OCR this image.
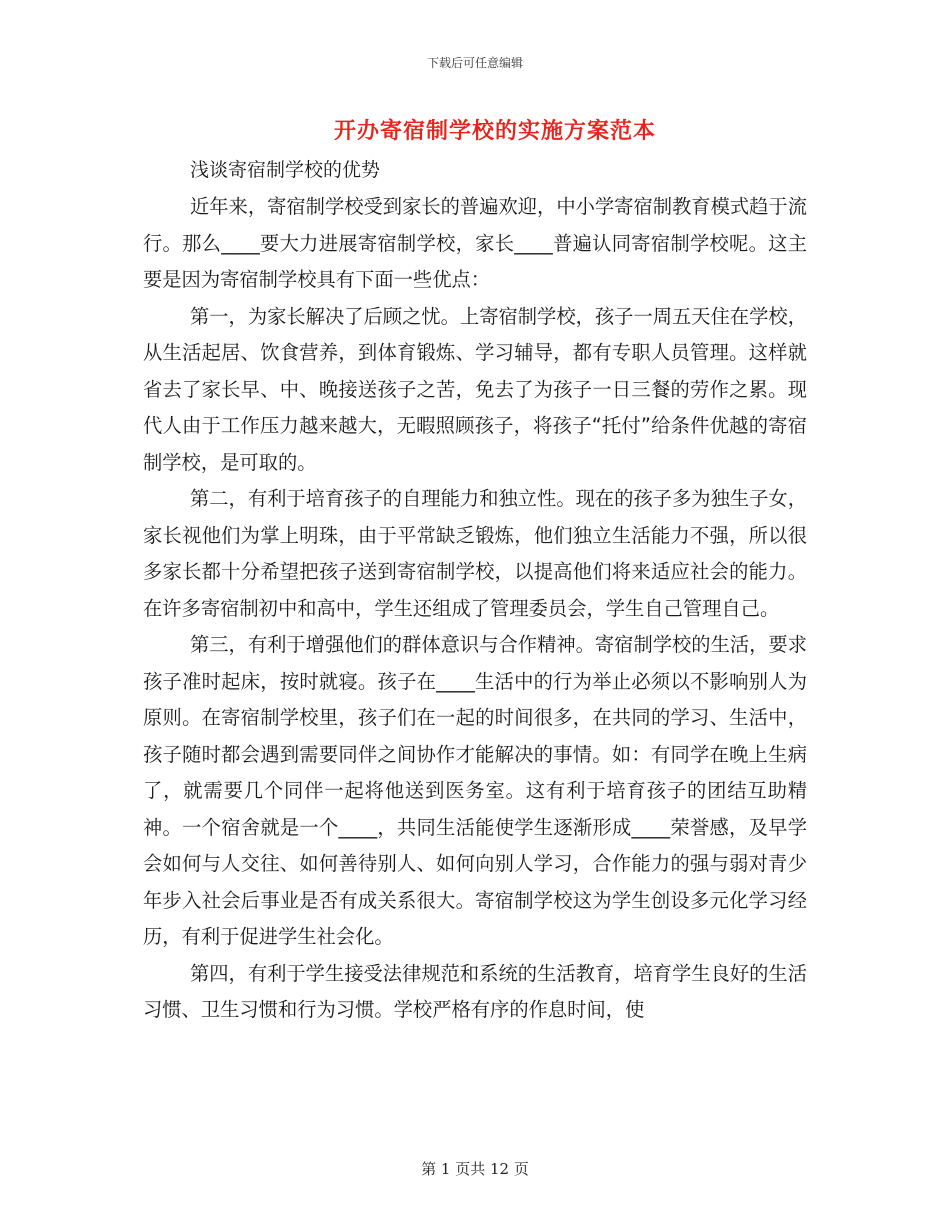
下载后可任意编辑
开办寄宿制学校的实施方案范本
浅谈寄宿制学校的优势

近年来，寄宿制学校受到家长的普遍欢迎，中小学寄宿制教育模式趋于流行。那么____要大力进展寄宿制学校，家长____普遍认同寄宿制学校呢。这主要是因为寄宿制学校具有下面一些优点：

第一，为家长解决了后顾之忧。上寄宿制学校，孩子一周五天住在学校，从生活起居、饮食营养，到体育锻炼、学习辅导，都有专职人员管理。这样就省去了家长早、中、晚接送孩子之苦，免去了为孩子一日三餐的劳作之累。现代人由于工作压力越来越大，无暇照顾孩子，将孩子“托付”给条件优越的寄宿制学校，是可取的。

第二，有利于培育孩子的自理能力和独立性。现在的孩子多为独生子女，家长视他们为掌上明珠，由于平常缺乏锻炼，他们独立生活能力不强，所以很多家长都十分希望把孩子送到寄宿制学校，以提高他们将来适应社会的能力。在许多寄宿制初中和高中，学生还组成了管理委员会，学生自己管理自己。

第三，有利于增强他们的群体意识与合作精神。寄宿制学校的生活，要求孩子准时起床，按时就寝。孩子在____生活中的行为举止必须以不影响别人为原则。在寄宿制学校里，孩子们在一起的时间很多，在共同的学习、生活中，孩子随时都会遇到需要同伴之间协作才能解决的事情。如：有同学在晚上生病了，就需要几个同伴一起将他送到医务室。这有利于培育孩子的团结互助精神。一个宿舍就是一个____，共同生活能使学生逐渐形成____荣誉感，及早学会如何与人交往、如何善待别人、如何向别人学习，合作能力的强与弱对青少年步入社会后事业是否有成关系很大。寄宿制学校这为学生创设多元化学习经历，有利于促进学生社会化。

第四，有利于学生接受法律规范和系统的生活教育，培育学生良好的生活习惯、卫生习惯和行为习惯。学校严格有序的作息时间，使

第 1 页共 12 页
